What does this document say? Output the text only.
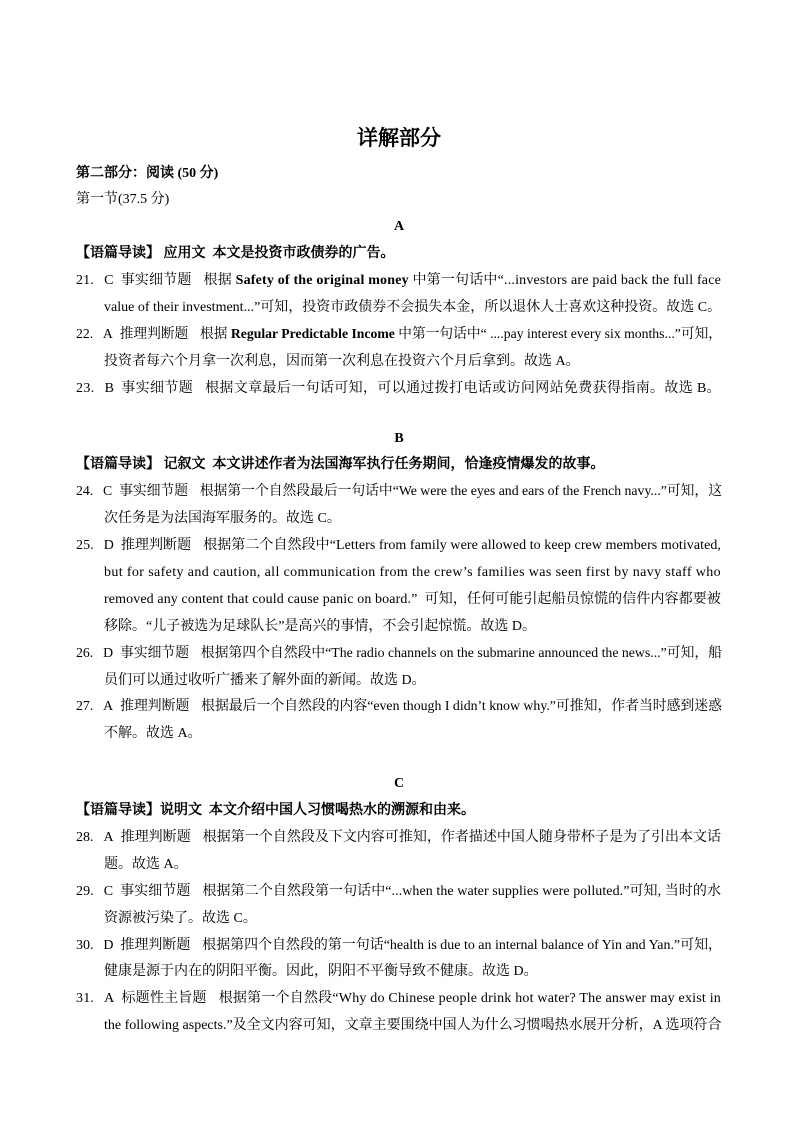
详解部分
第二部分：阅读 (50 分)
第一节(37.5 分)
A
【语篇导读】 应用文  本文是投资市政债券的广告。
21. C 事实细节题 根据 Safety of the original money 中第一句话中“...investors are paid back the full face
value of their investment...”可知，投资市政债券不会损失本金，所以退休人士喜欢这种投资。故选 C。
22. A 推理判断题 根据 Regular Predictable Income 中第一句话中“ ....pay interest every six months...”可知，
投资者每六个月拿一次利息，因而第一次利息在投资六个月后拿到。故选 A。
23. B 事实细节题 根据文章最后一句话可知，可以通过拨打电话或访问网站免费获得指南。故选 B。
B
【语篇导读】 记叙文  本文讲述作者为法国海军执行任务期间，恰逢疫情爆发的故事。
24. C 事实细节题 根据第一个自然段最后一句话中“We were the eyes and ears of the French navy...”可知，这
次任务是为法国海军服务的。故选 C。
25. D 推理判断题 根据第二个自然段中“Letters from family were allowed to keep crew members motivated,
but for safety and caution, all communication from the crew’s families was seen first by navy staff who
removed any content that could cause panic on board.”  可知，任何可能引起船员惊慌的信件内容都要被
移除。“儿子被选为足球队长”是高兴的事情，不会引起惊慌。故选 D。
26. D 事实细节题 根据第四个自然段中“The radio channels on the submarine announced the news...”可知，船
员们可以通过收听广播来了解外面的新闻。故选 D。
27. A 推理判断题 根据最后一个自然段的内容“even though I didn’t know why.”可推知，作者当时感到迷惑
不解。故选 A。
C
【语篇导读】说明文  本文介绍中国人习惯喝热水的溯源和由来。
28. A 推理判断题 根据第一个自然段及下文内容可推知，作者描述中国人随身带杯子是为了引出本文话
题。故选 A。
29. C 事实细节题 根据第二个自然段第一句话中“...when the water supplies were polluted.”可知, 当时的水
资源被污染了。故选 C。
30. D 推理判断题 根据第四个自然段的第一句话“health is due to an internal balance of Yin and Yan.”可知，
健康是源于内在的阴阳平衡。因此，阴阳不平衡导致不健康。故选 D。
31. A 标题性主旨题 根据第一个自然段“Why do Chinese people drink hot water? The answer may exist in
the following aspects.”及全文内容可知，文章主要围绕中国人为什么习惯喝热水展开分析，A 选项符合
